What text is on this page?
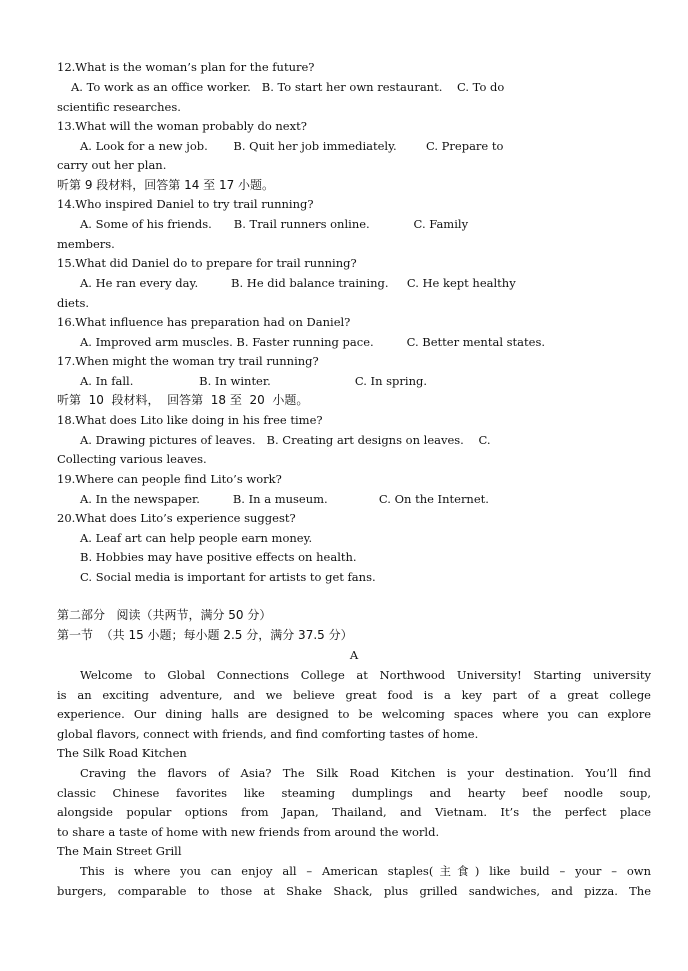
12.What is the woman’s plan for the future?
A. To work as an office worker.   B. To start her own restaurant.    C. To do
scientific researches.
13.What will the woman probably do next?
A. Look for a new job.       B. Quit her job immediately.        C. Prepare to
carry out her plan.
听第 9 段材料，回答第 14 至 17 小题。
14.Who inspired Daniel to try trail running?
A. Some of his friends.      B. Trail runners online.            C. Family
members.
15.What did Daniel do to prepare for trail running?
A. He ran every day.         B. He did balance training.     C. He kept healthy
diets.
16.What influence has preparation had on Daniel?
A. Improved arm muscles. B. Faster running pace.         C. Better mental states.
17.When might the woman try trail running?
A. In fall.                  B. In winter.                       C. In spring.
听第  10  段材料，  回答第  18 至  20  小题。
18.What does Lito like doing in his free time?
A. Drawing pictures of leaves.   B. Creating art designs on leaves.    C.
Collecting various leaves.
19.Where can people find Lito’s work?
A. In the newspaper.         B. In a museum.              C. On the Internet.
20.What does Lito’s experience suggest?
A. Leaf art can help people earn money.
B. Hobbies may have positive effects on health.
C. Social media is important for artists to get fans.
第二部分   阅读（共两节，满分 50 分）
第一节  （共 15 小题；每小题 2.5 分，满分 37.5 分）
A
Welcome to Global Connections College at Northwood University! Starting university
is an exciting adventure, and we believe great food is a key part of a great college
experience. Our dining halls are designed to be welcoming spaces where you can explore
global flavors, connect with friends, and find comforting tastes of home.
The Silk Road Kitchen
Craving the flavors of Asia? The Silk Road Kitchen is your destination. You’ll find
classic Chinese favorites like steaming dumplings and hearty beef noodle soup,
alongside popular options from Japan, Thailand, and Vietnam. It’s the perfect place
to share a taste of home with new friends from around the world.
The Main Street Grill
This is where you can enjoy all – American staples(主食) like build – your – own
burgers, comparable to those at Shake Shack, plus grilled sandwiches, and pizza. The
